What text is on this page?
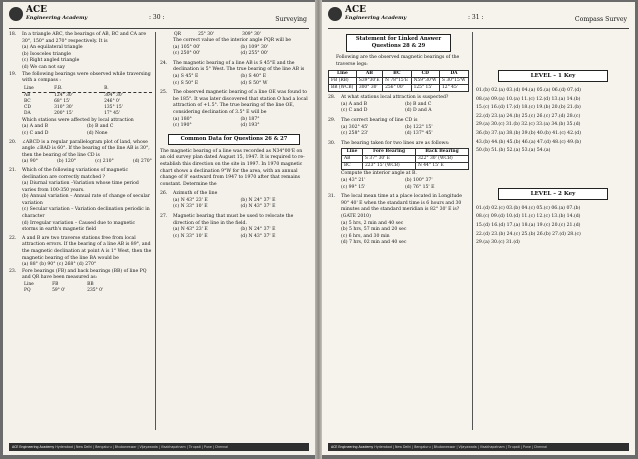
ACE
Engineering Academy	: 30 :	Surveying
18.	In a triangle ABC, the bearings of AB, BC and CA are 30°, 150° and 270° respectively. It is
(a) An equilateral triangle
(b) Isosceles triangle
(c) Right angled triangle
(d) We can not say
19.	The following bearings were observed while traversing with a compass :
Line	F.B.	B.
AB	124° 30'	304° 30'
BC	68° 15'	246° 0'
CD	310° 30'	135° 15'
DA	200° 15'	17° 45'
Which stations were affected by local attraction
(a) A and B	(b) B and C
(c) C and D	(d) None
20.	∠ABCD is a regular parallelogram plot of land, whose angle ∠BAD is 60°. If the bearing of the line AB is 30°, then the bearing of the line CD is
(a) 90°	(b) 120°	(c) 210°	(d) 270°
21.	Which of the following variations of magnetic declination are correctly matched ?
(a) Diurnal variation –Variation whose time period varies from 100-350 years.
(b) Annual variation – Annual rate of change of secular variation
(c) Secular variation – Variation declination periodic in character
(d) Irregular variation – Caused due to magnetic storms in earth's magnetic field
22.	A and B are two traverse stations free from local attraction errors. If the bearing of a line AB is 89°, and the magnetic declination at point A is 1° West, then the magnetic bearing of the line BA would be
(a) 88° (b) 90° (c) 268° (d) 270°
23.	Fore bearings (FB) and back bearings (BB) of line PQ and QR have been measured as:
Line	FB	BB
PQ	59° 0'	235° 0'
QR	25° 30'	309° 30'
The correct value of the interior angle PQR will be
(a) 105° 00'	(b) 109° 30'
(c) 250° 00'	(d) 255° 00'
24.	The magnetic bearing of a line AB is S 45°E and the declination is 5° West. The true bearing of the line AB is
(a) S 45° E	(b) S 40° E
(c) S 50° E	(d) S 50° W
25.	The observed magnetic bearing of a line OE was found to be 185°. It was later discovered that station O had a local attraction of +1.5°. The true bearing of the line OE, considering declination of 3.5° E will be
(a) 180°	(b) 187°
(c) 190°	(d) 193°
Common Data for Questions 26 & 27
The magnetic bearing of a line was recorded as N34°00'E on an old survey plan dated August 15, 1947. It is required to re-establish this direction on the site in 1997. In 1970 magnetic chart shows a declination 9°W for the area, with an annual change of 8' eastward from 1947 to 1970 after that remains constant. Determine the
26.	Azimuth of the line
(a) N 43° 23' E	(b) N 24° 37' E
(c) N 33° 10' E	(d) N 43° 37' E
27.	Magnetic bearing that must be used to relocate the direction of the line in the field.
(a) N 43° 23' E	(b) N 24° 37' E
(c) N 33° 10' E	(d) N 43° 37' E
ACE Engineering Academy Hyderabad | New Delhi | Bengaluru | Bhubaneswar | Vijayawada | Visakhapatnam | Tirupati | Pune | Chennai
ACE
Engineering Academy	: 31 :	Compass Survey
Statement for Linked Answer Questions 28 & 29
Following are the observed magnetic bearings of the traverse legs:
Line	AB	BC	CD	DA
FB (RB)	S39°30'E	N 78°15'E	N59°30'W	S 30°15'W
BB (WCB)	300° 30'	256° 00'	125° 15'	12° 45'
28.	At what stations local attraction is suspected?
(a) A and B	(b) B and C
(c) C and D	(d) D and A
29.	The correct bearing of line CD is
(a) 302° 45'	(b) 122° 15'
(c) 258° 23'	(d) 137° 45'
30.	The bearing taken for two lines are as follows:
Line	Fore Bearing	Back Bearing
AB	S 37° 30' E	322° 30' (WCB)
BC	223° 15' (WCB)	N 44° 15' E
Compute the interior angle at B.
(a) 43° 21'	(b) 100° 37'
(c) 99° 15'	(d) 76° 15' E
31.	The local mean time at a place located in Longitude 90° 40' E when the standard time is 6 hours and 30 minutes and the standard meridian is 82° 30' E is? (GATE 2010)
(a) 5 hrs, 2 min and 40 sec
(b) 5 hrs, 57 min and 20 sec
(c) 6 hrs, and 30 min
(d) 7 hrs, 02 min and 40 sec
LEVEL – 1 Key
01.(b) 02.(a) 03.(d) 04.(a) 05.(a) 06.(d) 07.(d)
08.(a) 09.(a) 10.(a) 11.(c) 12.(d) 13.(a) 14.(b)
15.(c) 16.(d) 17.(d) 18.(c) 19.(b) 20.(b) 21.(b)
22.(d) 23.(a) 24.(b) 25.(c) 26.(c) 27.(d) 28.(c)
29.(a) 30.(c) 31.(b) 32.(c) 33.(a) 34.(b) 35.(d)
36.(b) 37.(a) 38.(b) 39.(b) 40.(b) 41.(c) 42.(d)
43.(b) 44.(b) 45.(b) 46.(a) 47.(d) 48.(c) 49.(b)
50.(b) 51.(b) 52.(a) 53.(a) 54.(a)
LEVEL – 2 Key
01.(d) 02.(c) 03.(b) 04.(c) 05.(c) 06.(a) 07.(b)
08.(c) 09.(d) 10.(d) 11.(c) 12.(c) 13.(b) 14.(d)
15.(d) 16.(d) 17.(a) 18.(a) 19.(c) 20.(c) 21.(d)
22.(d) 23.(b) 24.(c) 25.(b) 26.(b) 27.(d) 28.(c)
29.(a) 30.(c) 31.(d)
ACE Engineering Academy Hyderabad | New Delhi | Bengaluru | Bhubaneswar | Vijayawada | Visakhapatnam | Tirupati | Pune | Chennai
